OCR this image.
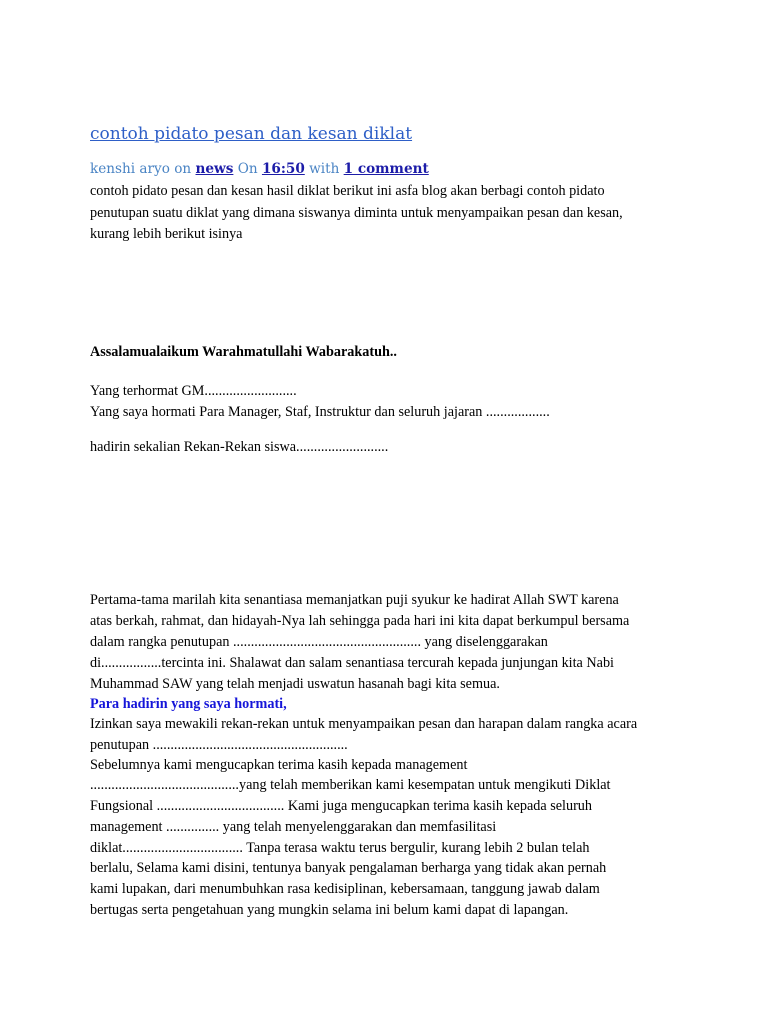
contoh pidato pesan dan kesan diklat
kenshi aryo on news On 16:50 with 1 comment

contoh pidato pesan dan kesan hasil diklat berikut ini asfa blog akan berbagi contoh pidato

penutupan suatu diklat yang dimana siswanya diminta untuk menyampaikan pesan dan kesan,

kurang lebih berikut isinya

Assalamualaikum Warahmatullahi Wabarakatuh..

Yang terhormat GM..........................

Yang saya hormati Para Manager, Staf, Instruktur dan seluruh jajaran ..................

hadirin sekalian Rekan-Rekan siswa..........................

Pertama-tama marilah kita senantiasa memanjatkan puji syukur ke hadirat Allah SWT karena

atas berkah, rahmat, dan hidayah-Nya lah sehingga pada hari ini kita dapat berkumpul bersama

dalam rangka penutupan ..................................................... yang diselenggarakan

di.................tercinta ini. Shalawat dan salam senantiasa tercurah kepada junjungan kita Nabi

Muhammad SAW yang telah menjadi uswatun hasanah bagi kita semua.

Para hadirin yang saya hormati,

Izinkan saya mewakili rekan-rekan untuk menyampaikan pesan dan harapan dalam rangka acara

penutupan .......................................................

Sebelumnya kami mengucapkan terima kasih kepada management

..........................................yang telah memberikan kami kesempatan untuk mengikuti Diklat

Fungsional .................................... Kami juga mengucapkan terima kasih kepada seluruh

management ............... yang telah menyelenggarakan dan memfasilitasi

diklat.................................. Tanpa terasa waktu terus bergulir, kurang lebih 2 bulan telah

berlalu, Selama kami disini, tentunya banyak pengalaman berharga yang tidak akan pernah

kami lupakan, dari menumbuhkan rasa kedisiplinan, kebersamaan, tanggung jawab dalam

bertugas serta pengetahuan yang mungkin selama ini belum kami dapat di lapangan.
